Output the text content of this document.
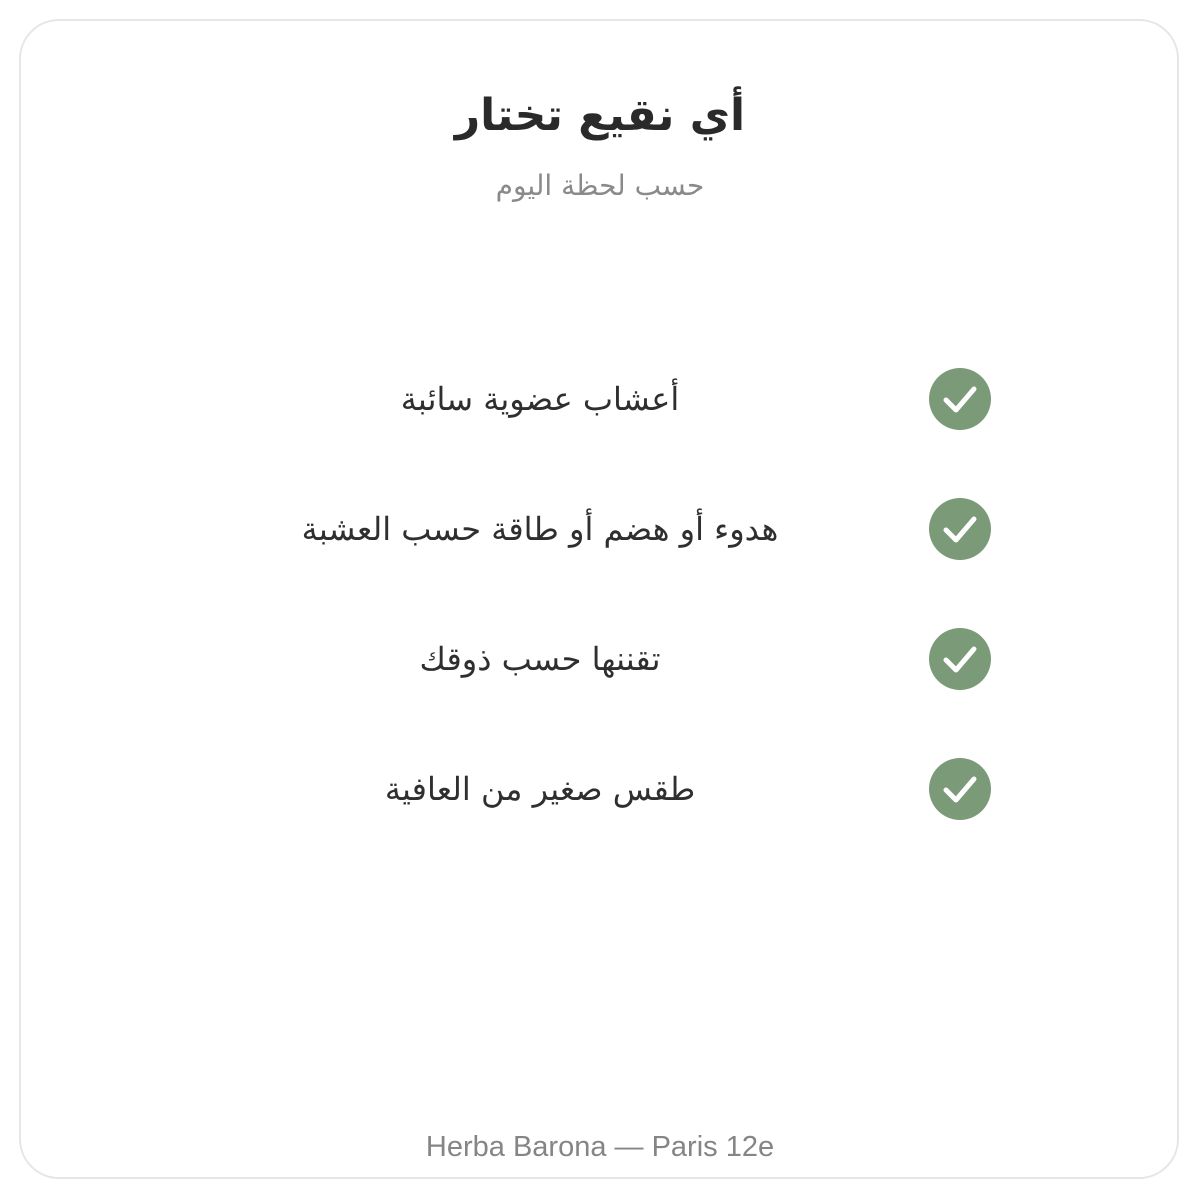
أي نقيع تختار
حسب لحظة اليوم
أعشاب عضوية سائبة
هدوء أو هضم أو طاقة حسب العشبة
تقننها حسب ذوقك
طقس صغير من العافية
Herba Barona — Paris 12e
